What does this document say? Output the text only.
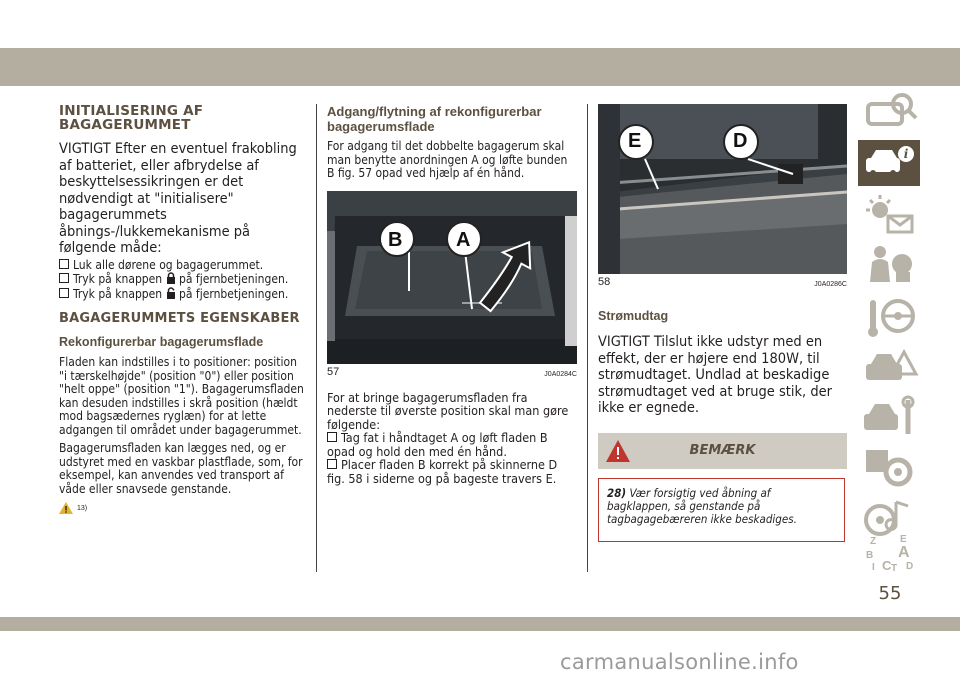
INITIALISERING AF BAGAGERUMMET

VIGTIGT Efter en eventuel frakobling af batteriet, eller afbrydelse af beskyttelsessikringen er det nødvendigt at "initialisere" bagagerummets åbnings-/lukkemekanisme på følgende måde:

Luk alle dørene og bagagerummet.

Tryk på knappen på fjernbetjeningen.

Tryk på knappen på fjernbetjeningen.

BAGAGERUMMETS EGENSKABER
Rekonfigurerbar bagagerumsflade

Fladen kan indstilles i to positioner: position "i tærskelhøjde" (position "0") eller position "helt oppe" (position "1"). Bagagerumsfladen kan desuden indstilles i skrå position (hældt mod bagsædernes ryglæn) for at lette adgangen til området under bagagerummet.

Bagagerumsfladen kan lægges ned, og er udstyret med en vaskbar plastflade, som, for eksempel, kan anvendes ved transport af våde eller snavsede genstande.

13)
Adgang/flytning af rekonfigurerbar bagagerumsflade

For adgang til det dobbelte bagagerum skal man benytte anordningen A og løfte bunden B fig. 57 opad ved hjælp af én hånd.

B	A
57	J0A0284C

For at bringe bagagerumsfladen fra nederste til øverste position skal man gøre følgende:

Tag fat i håndtaget A og løft fladen B opad og hold den med én hånd.

Placer fladen B korrekt på skinnerne D fig. 58 i siderne og på bageste travers E.

E	D
58	J0A0286C
Strømudtag

VIGTIGT Tilslut ikke udstyr med en effekt, der er højere end 180W, til strømudtaget. Undlad at beskadige strømudtaget ved at bruge stik, der ikke er egnede.

BEMÆRK
28) Vær forsigtig ved åbning af bagklappen, så genstande på tagbagagebæreren ikke beskadiges.
i
Z E
B A
I C T D
55
carmanualsonline.info
